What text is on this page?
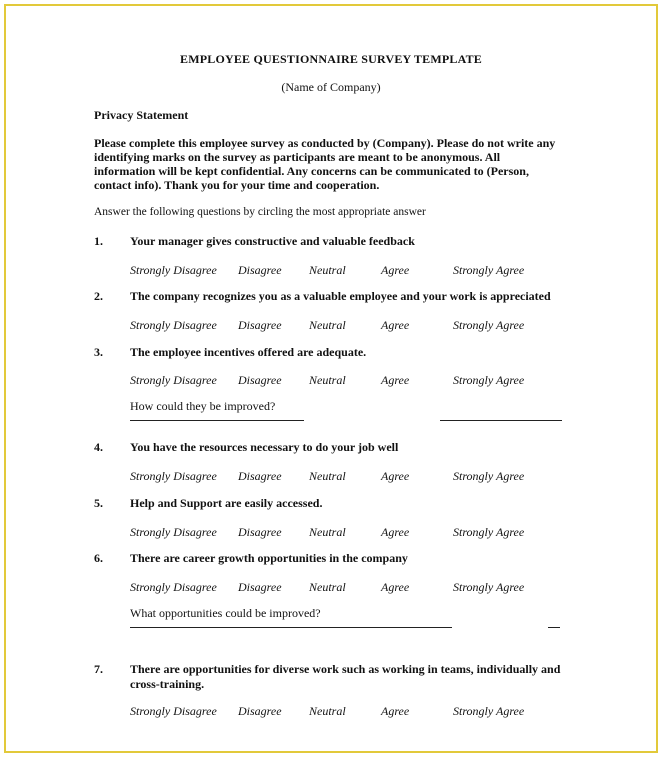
EMPLOYEE QUESTIONNAIRE SURVEY TEMPLATE
(Name of Company)
Privacy Statement
Please complete this employee survey as conducted by (Company). Please do not write any identifying marks on the survey as participants are meant to be anonymous. All information will be kept confidential. Any concerns can be communicated to (Person, contact info). Thank you for your time and cooperation.
Answer the following questions by circling the most appropriate answer
1. Your manager gives constructive and valuable feedback
Strongly Disagree Disagree Neutral	Agree	Strongly Agree
2. The company recognizes you as a valuable employee and your work is appreciated
Strongly Disagree Disagree Neutral	Agree	Strongly Agree
3. The employee incentives offered are adequate.
Strongly Disagree Disagree Neutral	Agree	Strongly Agree
How could they be improved?
4. You have the resources necessary to do your job well
Strongly Disagree Disagree Neutral	Agree	Strongly Agree
5. Help and Support are easily accessed.
Strongly Disagree Disagree Neutral	Agree	Strongly Agree
6. There are career growth opportunities in the company
Strongly Disagree Disagree Neutral	Agree	Strongly Agree
What opportunities could be improved?
7. There are opportunities for diverse work such as working in teams, individually and cross-training.
Strongly Disagree Disagree Neutral	Agree	Strongly Agree
